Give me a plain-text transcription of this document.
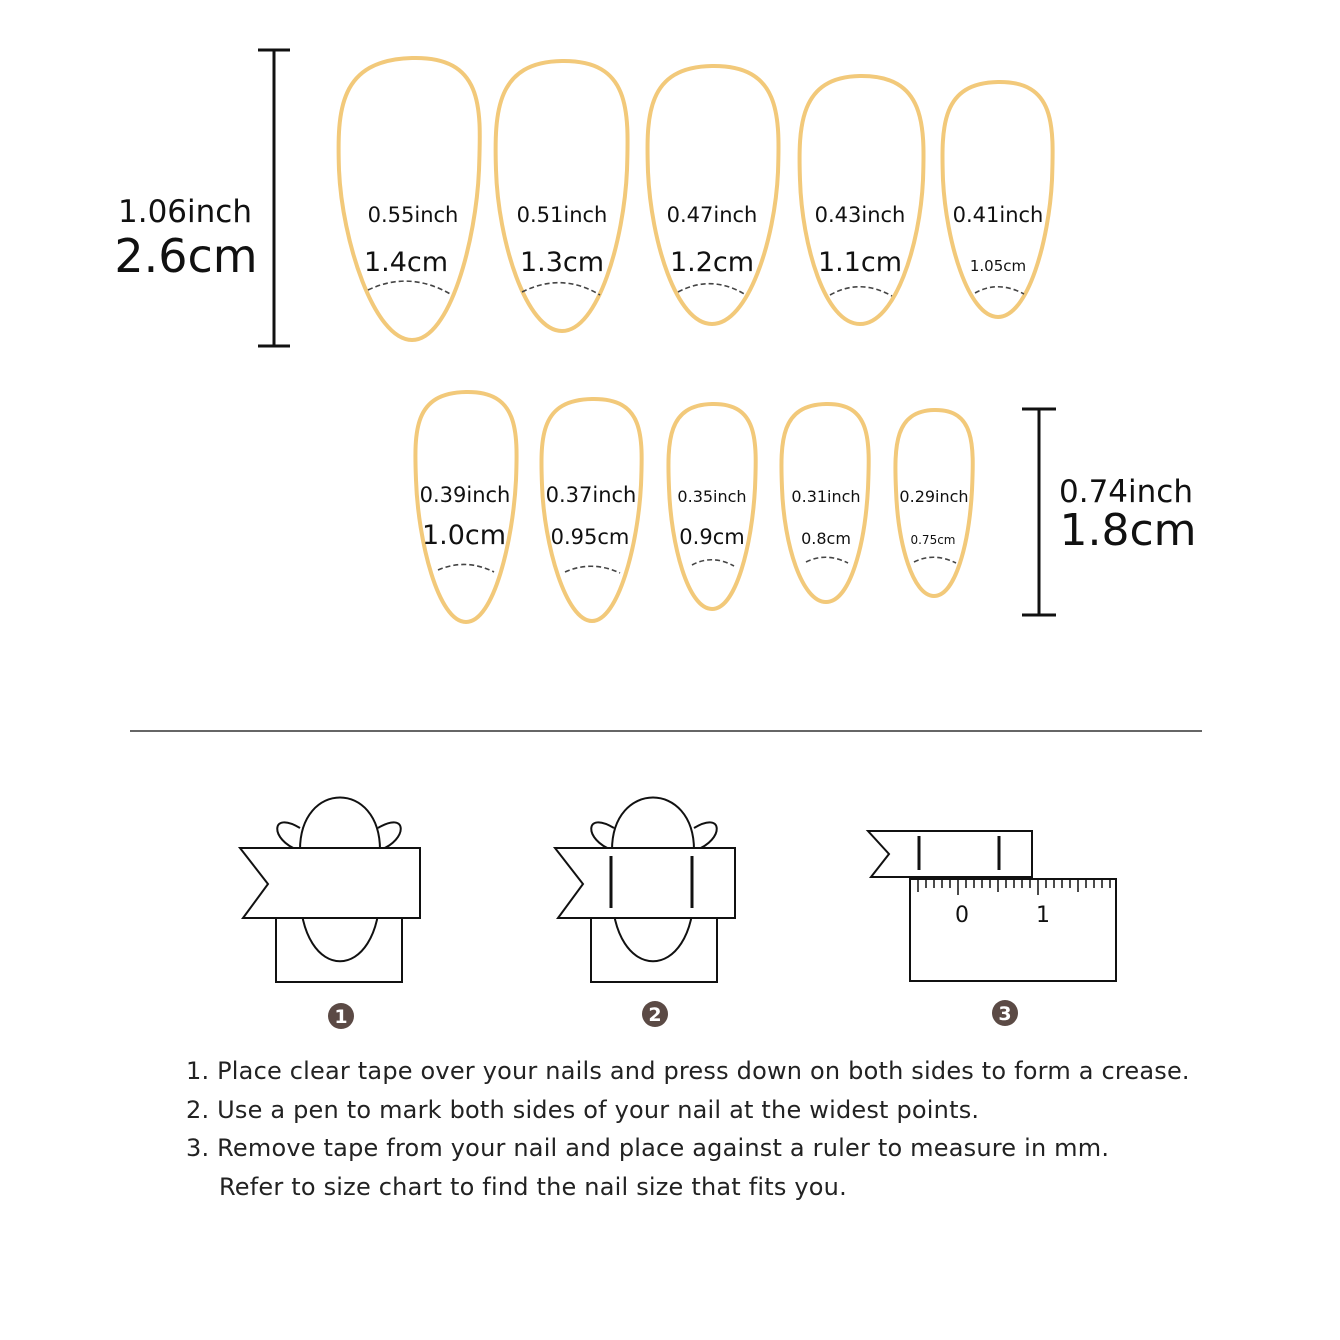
1.06inch
2.6cm
0.74inch
1.8cm
0.55inch
1.4cm
0.51inch
1.3cm
0.47inch
1.2cm
0.43inch
1.1cm
0.41inch
1.05cm
0.39inch
1.0cm
0.37inch
0.95cm
0.35inch
0.9cm
0.31inch
0.8cm
0.29inch
0.75cm
0	1
1	2	3
1. Place clear tape over your nails and press down on both sides to form a crease.
2. Use a pen to mark both sides of your nail at the widest points.
3. Remove tape from your nail and place against a ruler to measure in mm.
Refer to size chart to find the nail size that fits you.
